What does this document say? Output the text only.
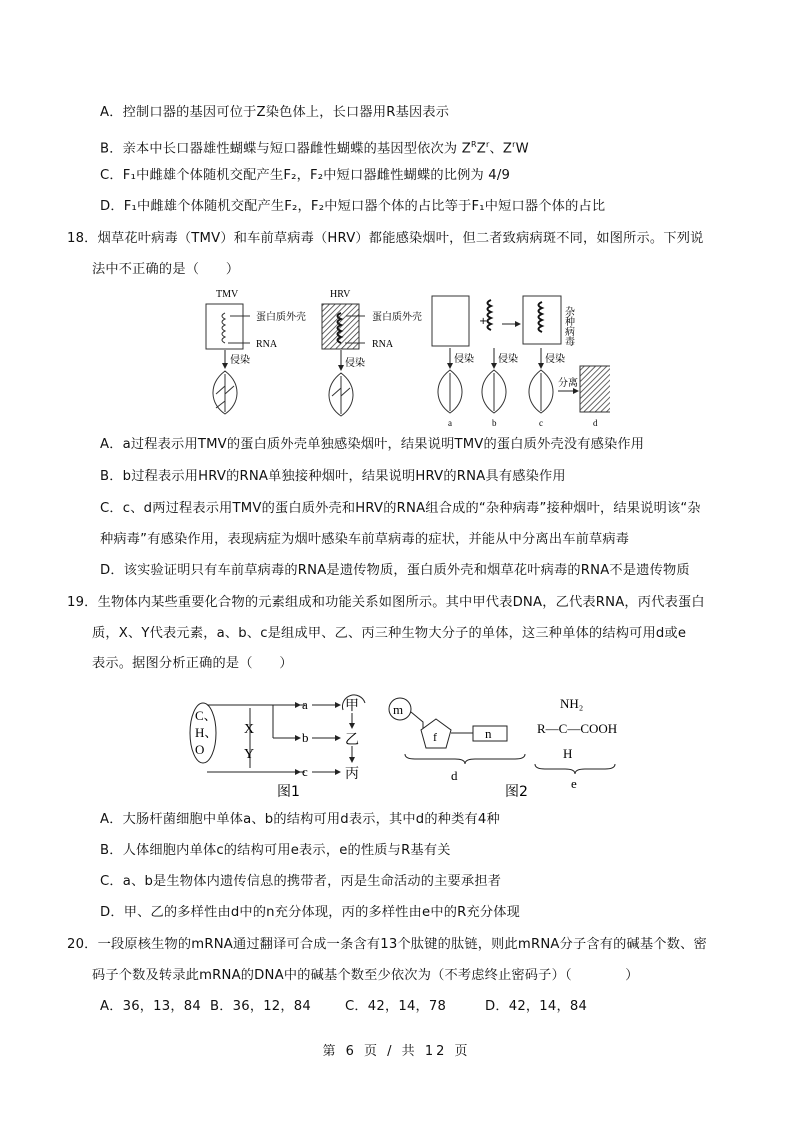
A．控制口器的基因可位于Z染色体上，长口器用R基因表示
B．亲本中长口器雄性蝴蝶与短口器雌性蝴蝶的基因型依次为 $Z^RZ^r$、$Z^rW$
C．F₁中雌雄个体随机交配产生F₂，F₂中短口器雌性蝴蝶的比例为 4/9
D．F₁中雌雄个体随机交配产生F₂，F₂中短口器个体的占比等于F₁中短口器个体的占比
18．烟草花叶病毒（TMV）和车前草病毒（HRV）都能感染烟叶，但二者致病病斑不同，如图所示。下列说
法中不正确的是（　　）
TMV
蛋白质外壳
RNA
侵染
HRV
蛋白质外壳
RNA
侵染
+	杂种病毒
侵染 侵染	侵染
分离
a	b	c	d
A．a过程表示用TMV的蛋白质外壳单独感染烟叶，结果说明TMV的蛋白质外壳没有感染作用
B．b过程表示用HRV的RNA单独接种烟叶，结果说明HRV的RNA具有感染作用
C．c、d两过程表示用TMV的蛋白质外壳和HRV的RNA组合成的“杂种病毒”接种烟叶，结果说明该“杂
种病毒”有感染作用，表现病症为烟叶感染车前草病毒的症状，并能从中分离出车前草病毒
D．该实验证明只有车前草病毒的RNA是遗传物质，蛋白质外壳和烟草花叶病毒的RNA不是遗传物质
19．生物体内某些重要化合物的元素组成和功能关系如图所示。其中甲代表DNA，乙代表RNA，丙代表蛋白
质，X、Y代表元素，a、b、c是组成甲、乙、丙三种生物大分子的单体，这三种单体的结构可用d或e
表示。据图分析正确的是（　　）
C、
H、
O
X
Y
a	甲
b	乙
c	丙
图1
m
f	n
d
图2
NH₂
R—C—COOH
H
e
A．大肠杆菌细胞中单体a、b的结构可用d表示，其中d的种类有4种
B．人体细胞内单体c的结构可用e表示，e的性质与R基有关
C．a、b是生物体内遗传信息的携带者，丙是生命活动的主要承担者
D．甲、乙的多样性由d中的n充分体现，丙的多样性由e中的R充分体现
20．一段原核生物的mRNA通过翻译可合成一条含有13个肽键的肽链，则此mRNA分子含有的碱基个数、密
码子个数及转录此mRNA的DNA中的碱基个数至少依次为（不考虑终止密码子）（　　　　）
A．36，13，84 B．36，12，84	C．42，14，78	D．42，14，84
第 6 页 / 共 12 页
